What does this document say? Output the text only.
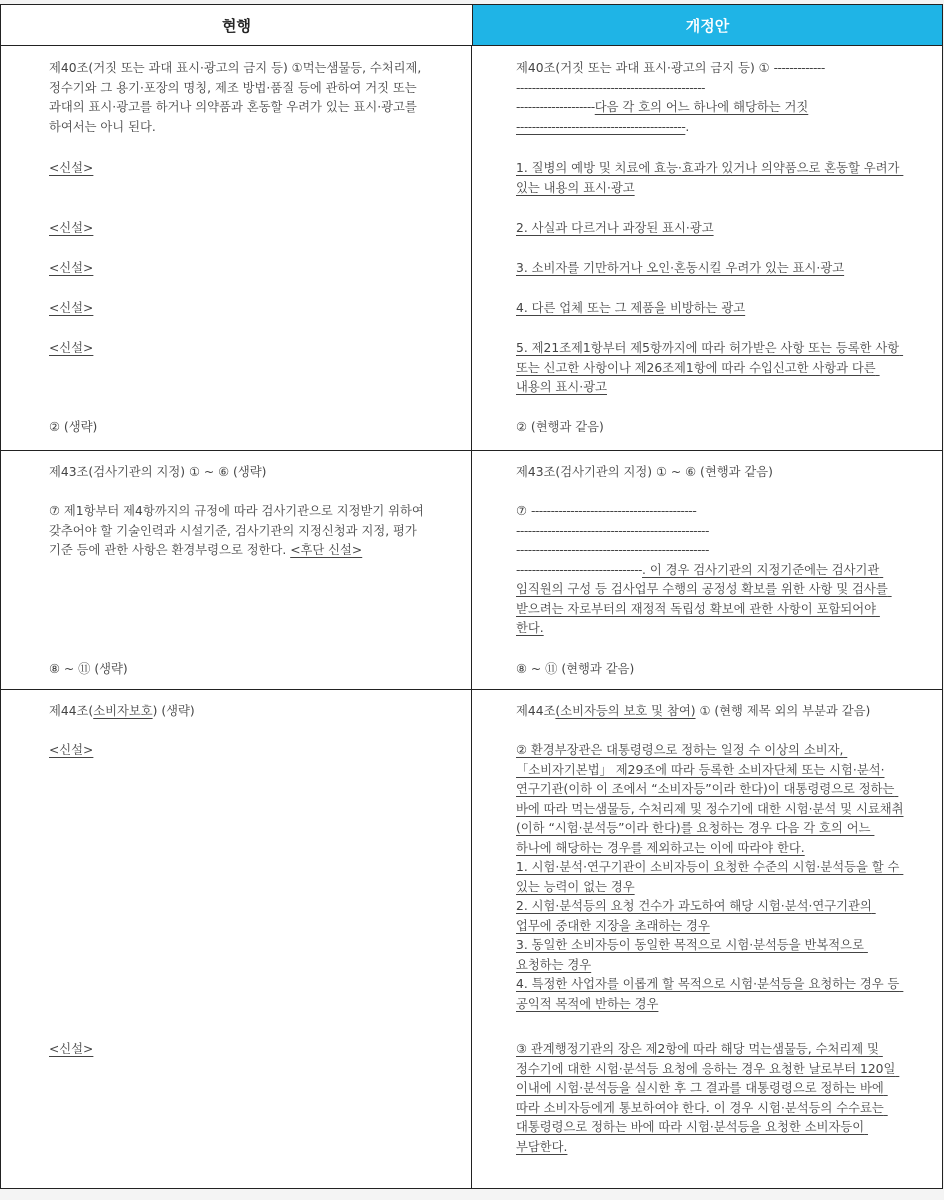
현행	개정안
제40조(거짓 또는 과대 표시·광고의 금지 등) ①먹는샘물등, 수처리제, 정수기와 그 용기·포장의 명칭, 제조 방법·품질 등에 관하여 거짓 또는 과대의 표시·광고를 하거나 의약품과 혼동할 우려가 있는 표시·광고를 하여서는 아니 된다.
<신설>
<신설>
<신설>
<신설>
<신설>
② (생략)
제40조(거짓 또는 과대 표시·광고의 금지 등) ① -------------
------------------------------------------------
--------------------다음 각 호의 어느 하나에 해당하는 거짓
-------------------------------------------.
1. 질병의 예방 및 치료에 효능·효과가 있거나 의약품으로 혼동할 우려가 있는 내용의 표시·광고
2. 사실과 다르거나 과장된 표시·광고
3. 소비자를 기만하거나 오인·혼동시킬 우려가 있는 표시·광고
4. 다른 업체 또는 그 제품을 비방하는 광고
5. 제21조제1항부터 제5항까지에 따라 허가받은 사항 또는 등록한 사항 또는 신고한 사항이나 제26조제1항에 따라 수입신고한 사항과 다른 내용의 표시·광고
② (현행과 같음)
제43조(검사기관의 지정) ① ~ ⑥ (생략)
⑦ 제1항부터 제4항까지의 규정에 따라 검사기관으로 지정받기 위하여 갖추어야 할 기술인력과 시설기준, 검사기관의 지정신청과 지정, 평가 기준 등에 관한 사항은 환경부령으로 정한다. <후단 신설>
⑧ ~ ⑪ (생략)
제43조(검사기관의 지정) ① ~ ⑥ (현행과 같음)
⑦ ------------------------------------------
-------------------------------------------------
-------------------------------------------------
--------------------------------. 이 경우 검사기관의 지정기준에는 검사기관 임직원의 구성 등 검사업무 수행의 공정성 확보를 위한 사항 및 검사를 받으려는 자로부터의 재정적 독립성 확보에 관한 사항이 포함되어야 한다.
⑧ ~ ⑪ (현행과 같음)
제44조(소비자보호) (생략)
<신설>
<신설>
제44조(소비자등의 보호 및 참여) ① (현행 제목 외의 부분과 같음)
② 환경부장관은 대통령령으로 정하는 일정 수 이상의 소비자, 「소비자기본법」 제29조에 따라 등록한 소비자단체 또는 시험·분석·연구기관(이하 이 조에서 “소비자등”이라 한다)이 대통령령으로 정하는 바에 따라 먹는샘물등, 수처리제 및 정수기에 대한 시험·분석 및 시료채취(이하 “시험·분석등”이라 한다)를 요청하는 경우 다음 각 호의 어느 하나에 해당하는 경우를 제외하고는 이에 따라야 한다.
1. 시험·분석·연구기관이 소비자등이 요청한 수준의 시험·분석등을 할 수 있는 능력이 없는 경우
2. 시험·분석등의 요청 건수가 과도하여 해당 시험·분석·연구기관의 업무에 중대한 지장을 초래하는 경우
3. 동일한 소비자등이 동일한 목적으로 시험·분석등을 반복적으로 요청하는 경우
4. 특정한 사업자를 이롭게 할 목적으로 시험·분석등을 요청하는 경우 등 공익적 목적에 반하는 경우
③ 관계행정기관의 장은 제2항에 따라 해당 먹는샘물등, 수처리제 및 정수기에 대한 시험·분석등 요청에 응하는 경우 요청한 날로부터 120일 이내에 시험·분석등을 실시한 후 그 결과를 대통령령으로 정하는 바에 따라 소비자등에게 통보하여야 한다. 이 경우 시험·분석등의 수수료는 대통령령으로 정하는 바에 따라 시험·분석등을 요청한 소비자등이 부담한다.
